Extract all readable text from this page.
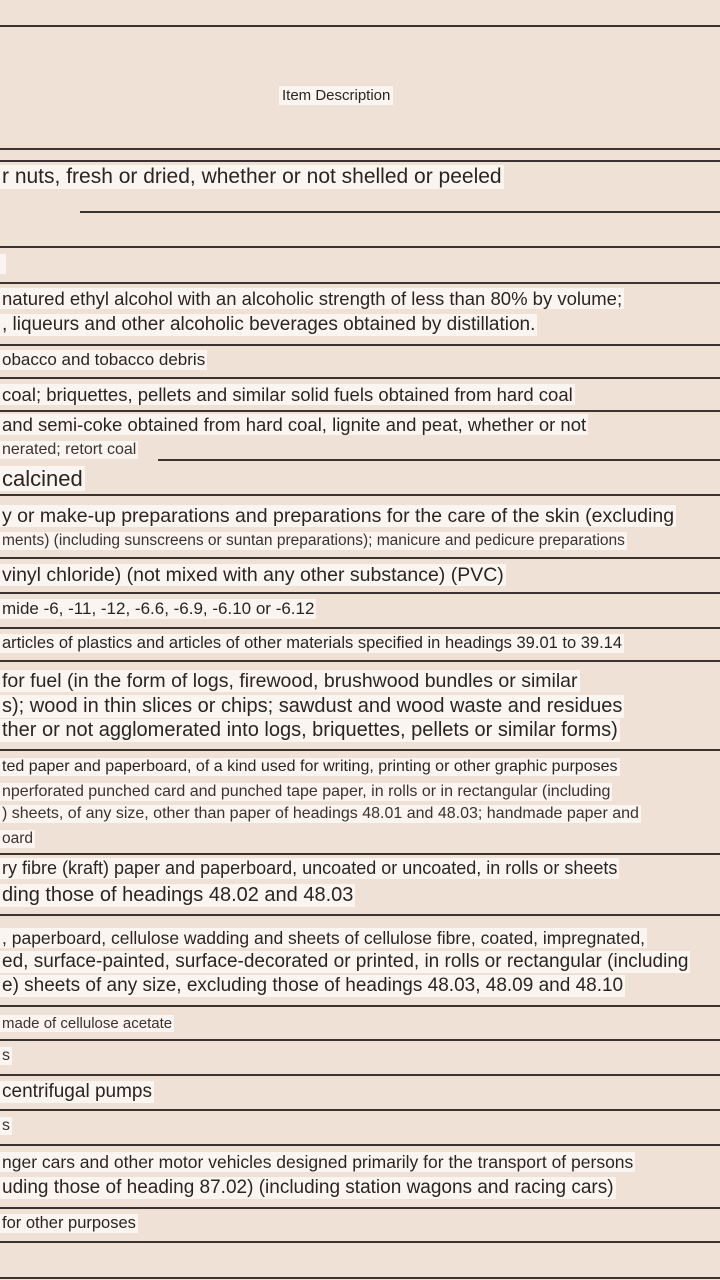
Item Description
r nuts, fresh or dried, whether or not shelled or peeled
natured ethyl alcohol with an alcoholic strength of less than 80% by volume;
, liqueurs and other alcoholic beverages obtained by distillation.
obacco and tobacco debris
coal; briquettes, pellets and similar solid fuels obtained from hard coal
and semi-coke obtained from hard coal, lignite and peat, whether or not
nerated; retort coal
calcined
y or make-up preparations and preparations for the care of the skin (excluding
ments) (including sunscreens or suntan preparations); manicure and pedicure preparations
vinyl chloride) (not mixed with any other substance) (PVC)
mide -6, -11, -12, -6.6, -6.9, -6.10 or -6.12
articles of plastics and articles of other materials specified in headings 39.01 to 39.14
for fuel (in the form of logs, firewood, brushwood bundles or similar
s); wood in thin slices or chips; sawdust and wood waste and residues
ther or not agglomerated into logs, briquettes, pellets or similar forms)
ted paper and paperboard, of a kind used for writing, printing or other graphic purposes
nperforated punched card and punched tape paper, in rolls or in rectangular (including
) sheets, of any size, other than paper of headings 48.01 and 48.03; handmade paper and
oard
ry fibre (kraft) paper and paperboard, uncoated or uncoated, in rolls or sheets
ding those of headings 48.02 and 48.03
, paperboard, cellulose wadding and sheets of cellulose fibre, coated, impregnated,
ed, surface-painted, surface-decorated or printed, in rolls or rectangular (including
e) sheets of any size, excluding those of headings 48.03, 48.09 and 48.10
made of cellulose acetate
s
centrifugal pumps
s
nger cars and other motor vehicles designed primarily for the transport of persons
uding those of heading 87.02) (including station wagons and racing cars)
for other purposes
